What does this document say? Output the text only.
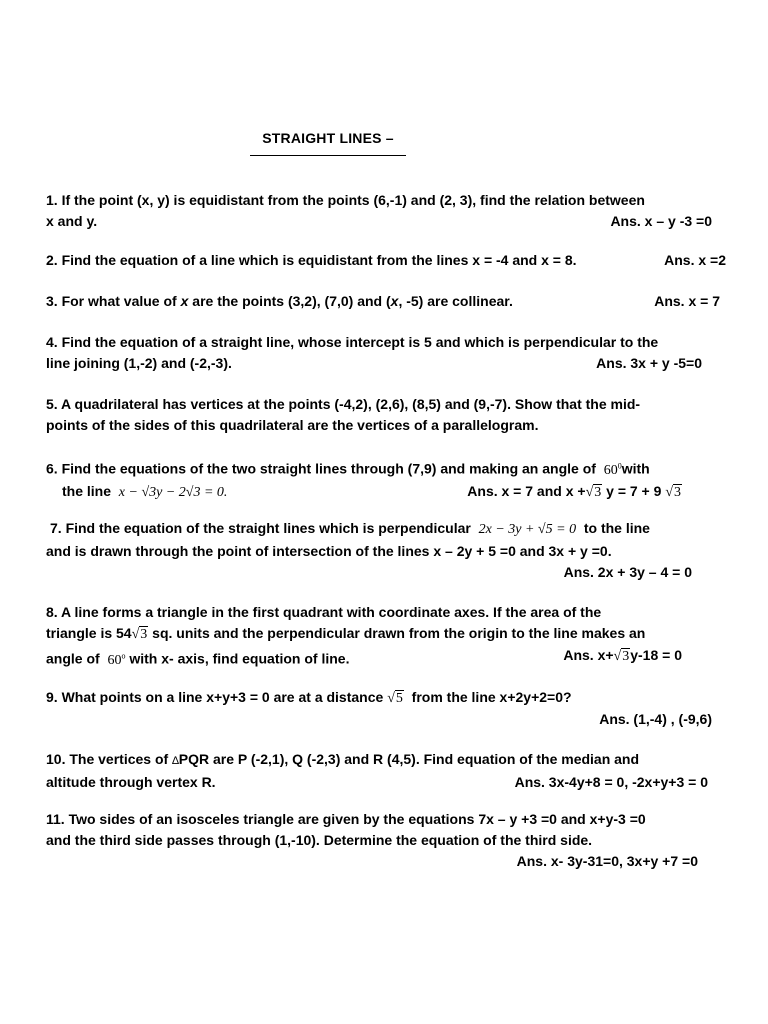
STRAIGHT LINES –
1. If the point (x, y) is equidistant from the points (6,-1) and (2, 3), find the relation between
x and y.	Ans. x – y -3 =0
2. Find the equation of a line which is equidistant from the lines x = -4 and x = 8.	Ans. x =2
3. For what value of x are the points (3,2), (7,0) and (x, -5) are collinear.	Ans. x = 7
4. Find the equation of a straight line, whose intercept is 5 and which is perpendicular to the
line joining (1,-2) and (-2,-3).	Ans. 3x + y -5=0
5. A quadrilateral has vertices at the points (-4,2), (2,6), (8,5) and (9,-7). Show that the mid-
points of the sides of this quadrilateral are the vertices of a parallelogram.
6. Find the equations of the two straight lines through (7,9) and making an angle of $60^0with$
the line x − √3y − 2√3 = 0.	Ans. x = 7 and x +√3 y = 7 + 9 √3
7. Find the equation of the straight lines which is perpendicular 2x − 3y + √5 = 0 to the line
and is drawn through the point of intersection of the lines x – 2y + 5 =0 and 3x + y =0.
Ans. 2x + 3y – 4 = 0
8. A line forms a triangle in the first quadrant with coordinate axes. If the area of the
triangle is 54√3 sq. units and the perpendicular drawn from the origin to the line makes an
angle of 60$^o$ with x- axis, find equation of line.	Ans. x+√3y-18 = 0
9. What points on a line x+y+3 = 0 are at a distance √5 from the line x+2y+2=0?
Ans. (1,-4) , (-9,6)
10. The vertices of ∆PQR are P (-2,1), Q (-2,3) and R (4,5). Find equation of the median and
altitude through vertex R.	Ans. 3x-4y+8 = 0, -2x+y+3 = 0
11. Two sides of an isosceles triangle are given by the equations 7x – y +3 =0 and x+y-3 =0
and the third side passes through (1,-10). Determine the equation of the third side.
Ans. x- 3y-31=0, 3x+y +7 =0
